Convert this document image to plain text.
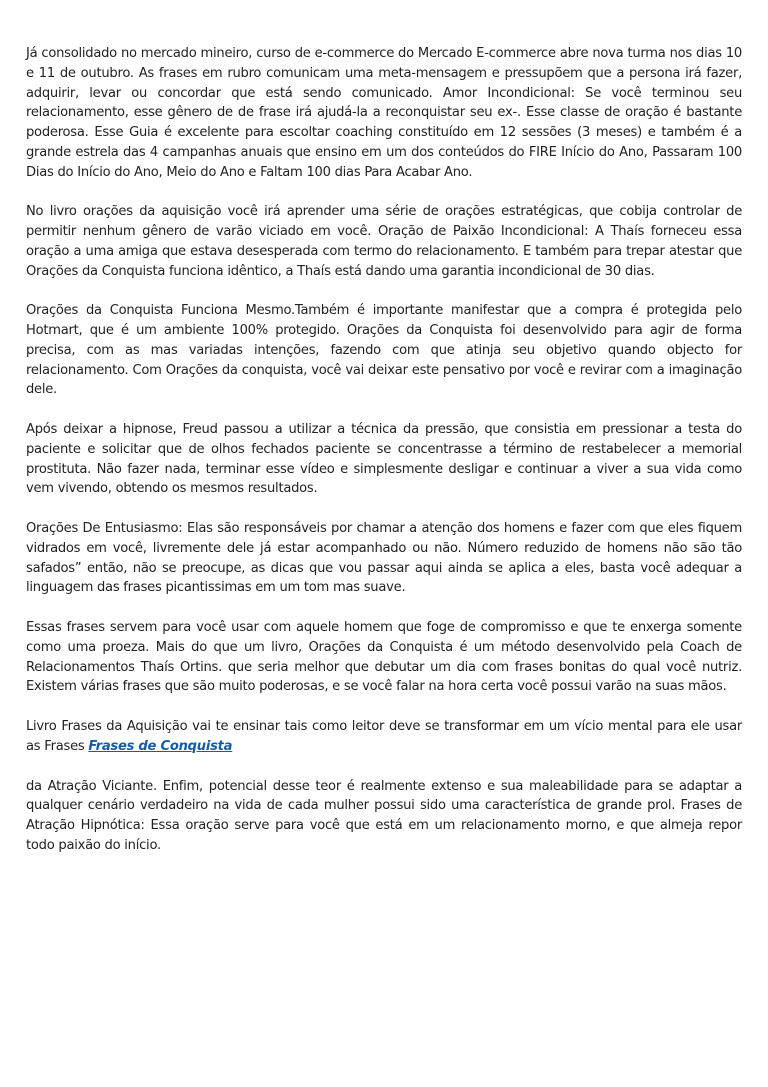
Já consolidado no mercado mineiro, curso de e-commerce do Mercado E-commerce abre nova turma nos dias 10 e 11 de outubro. As frases em rubro comunicam uma meta-mensagem e pressupõem que a persona irá fazer, adquirir, levar ou concordar que está sendo comunicado. Amor Incondicional: Se você terminou seu relacionamento, esse gênero de de frase irá ajudá-la a reconquistar seu ex-. Esse classe de oração é bastante poderosa. Esse Guia é excelente para escoltar coaching constituído em 12 sessões (3 meses) e também é a grande estrela das 4 campanhas anuais que ensino em um dos conteúdos do FIRE Início do Ano, Passaram 100 Dias do Início do Ano, Meio do Ano e Faltam 100 dias Para Acabar Ano.

No livro orações da aquisição você irá aprender uma série de orações estratégicas, que cobija controlar de permitir nenhum gênero de varão viciado em você. Oração de Paixão Incondicional: A Thaís forneceu essa oração a uma amiga que estava desesperada com termo do relacionamento. E também para trepar atestar que Orações da Conquista funciona idêntico, a Thaís está dando uma garantia incondicional de 30 dias.

Orações da Conquista Funciona Mesmo.Também é importante manifestar que a compra é protegida pelo Hotmart, que é um ambiente 100% protegido. Orações da Conquista foi desenvolvido para agir de forma precisa, com as mas variadas intenções, fazendo com que atinja seu objetivo quando objecto for relacionamento. Com Orações da conquista, você vai deixar este pensativo por você e revirar com a imaginação dele.

Após deixar a hipnose, Freud passou a utilizar a técnica da pressão, que consistia em pressionar a testa do paciente e solicitar que de olhos fechados paciente se concentrasse a término de restabelecer a memorial prostituta. Não fazer nada, terminar esse vídeo e simplesmente desligar e continuar a viver a sua vida como vem vivendo, obtendo os mesmos resultados.

Orações De Entusiasmo: Elas são responsáveis por chamar a atenção dos homens e fazer com que eles fiquem vidrados em você, livremente dele já estar acompanhado ou não. Número reduzido de homens não são tão safados” então, não se preocupe, as dicas que vou passar aqui ainda se aplica a eles, basta você adequar a linguagem das frases picantissimas em um tom mas suave.

Essas frases servem para você usar com aquele homem que foge de compromisso e que te enxerga somente como uma proeza. Mais do que um livro, Orações da Conquista é um método desenvolvido pela Coach de Relacionamentos Thaís Ortins. que seria melhor que debutar um dia com frases bonitas do qual você nutriz. Existem várias frases que são muito poderosas, e se você falar na hora certa você possui varão na suas mãos.

Livro Frases da Aquisição vai te ensinar tais como leitor deve se transformar em um vício mental para ele usar as Frases Frases de Conquista

da Atração Viciante. Enfim, potencial desse teor é realmente extenso e sua maleabilidade para se adaptar a qualquer cenário verdadeiro na vida de cada mulher possui sido uma característica de grande prol. Frases de Atração Hipnótica: Essa oração serve para você que está em um relacionamento morno, e que almeja repor todo paixão do início.
